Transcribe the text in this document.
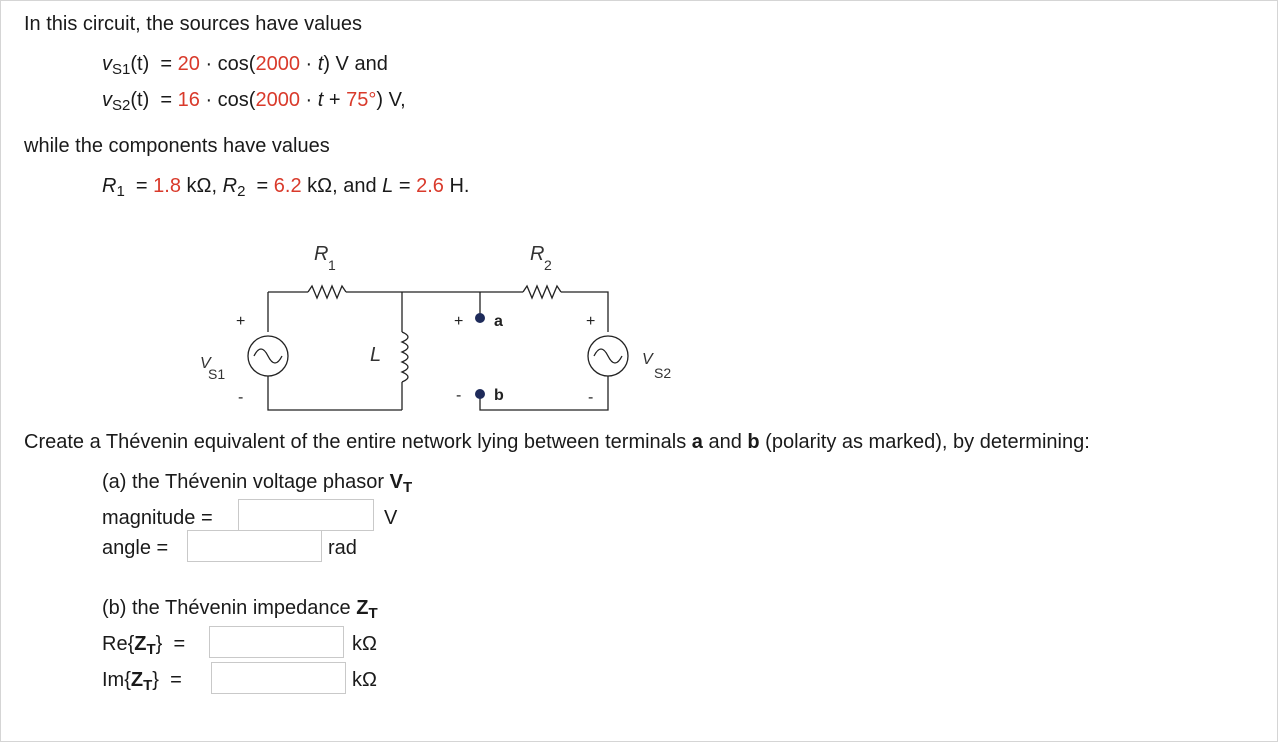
In this circuit, the sources have values
$v_{S1}(t) = 20 \cdot \cos(2000 \cdot t)$ V and
$v_{S2}(t) = 16 \cdot \cos(2000 \cdot t + 75^\circ)$ V,
while the components have values
$R_1 = 1.8$ kΩ, $R_2 = 6.2$ kΩ, and L = 2.6 H.
R 1	R 2
L
V
S1
V
S2
+
-
+
-
+
-
a
b
Create a Thévenin equivalent of the entire network lying between terminals a and b (polarity as marked), by determining:
(a) the Thévenin voltage phasor $V_T$
magnitude =	V
angle =	rad
(b) the Thévenin impedance $Z_T$
$Re\{Z_T\}$ =	kΩ
$Im\{Z_T\}$ =	kΩ
